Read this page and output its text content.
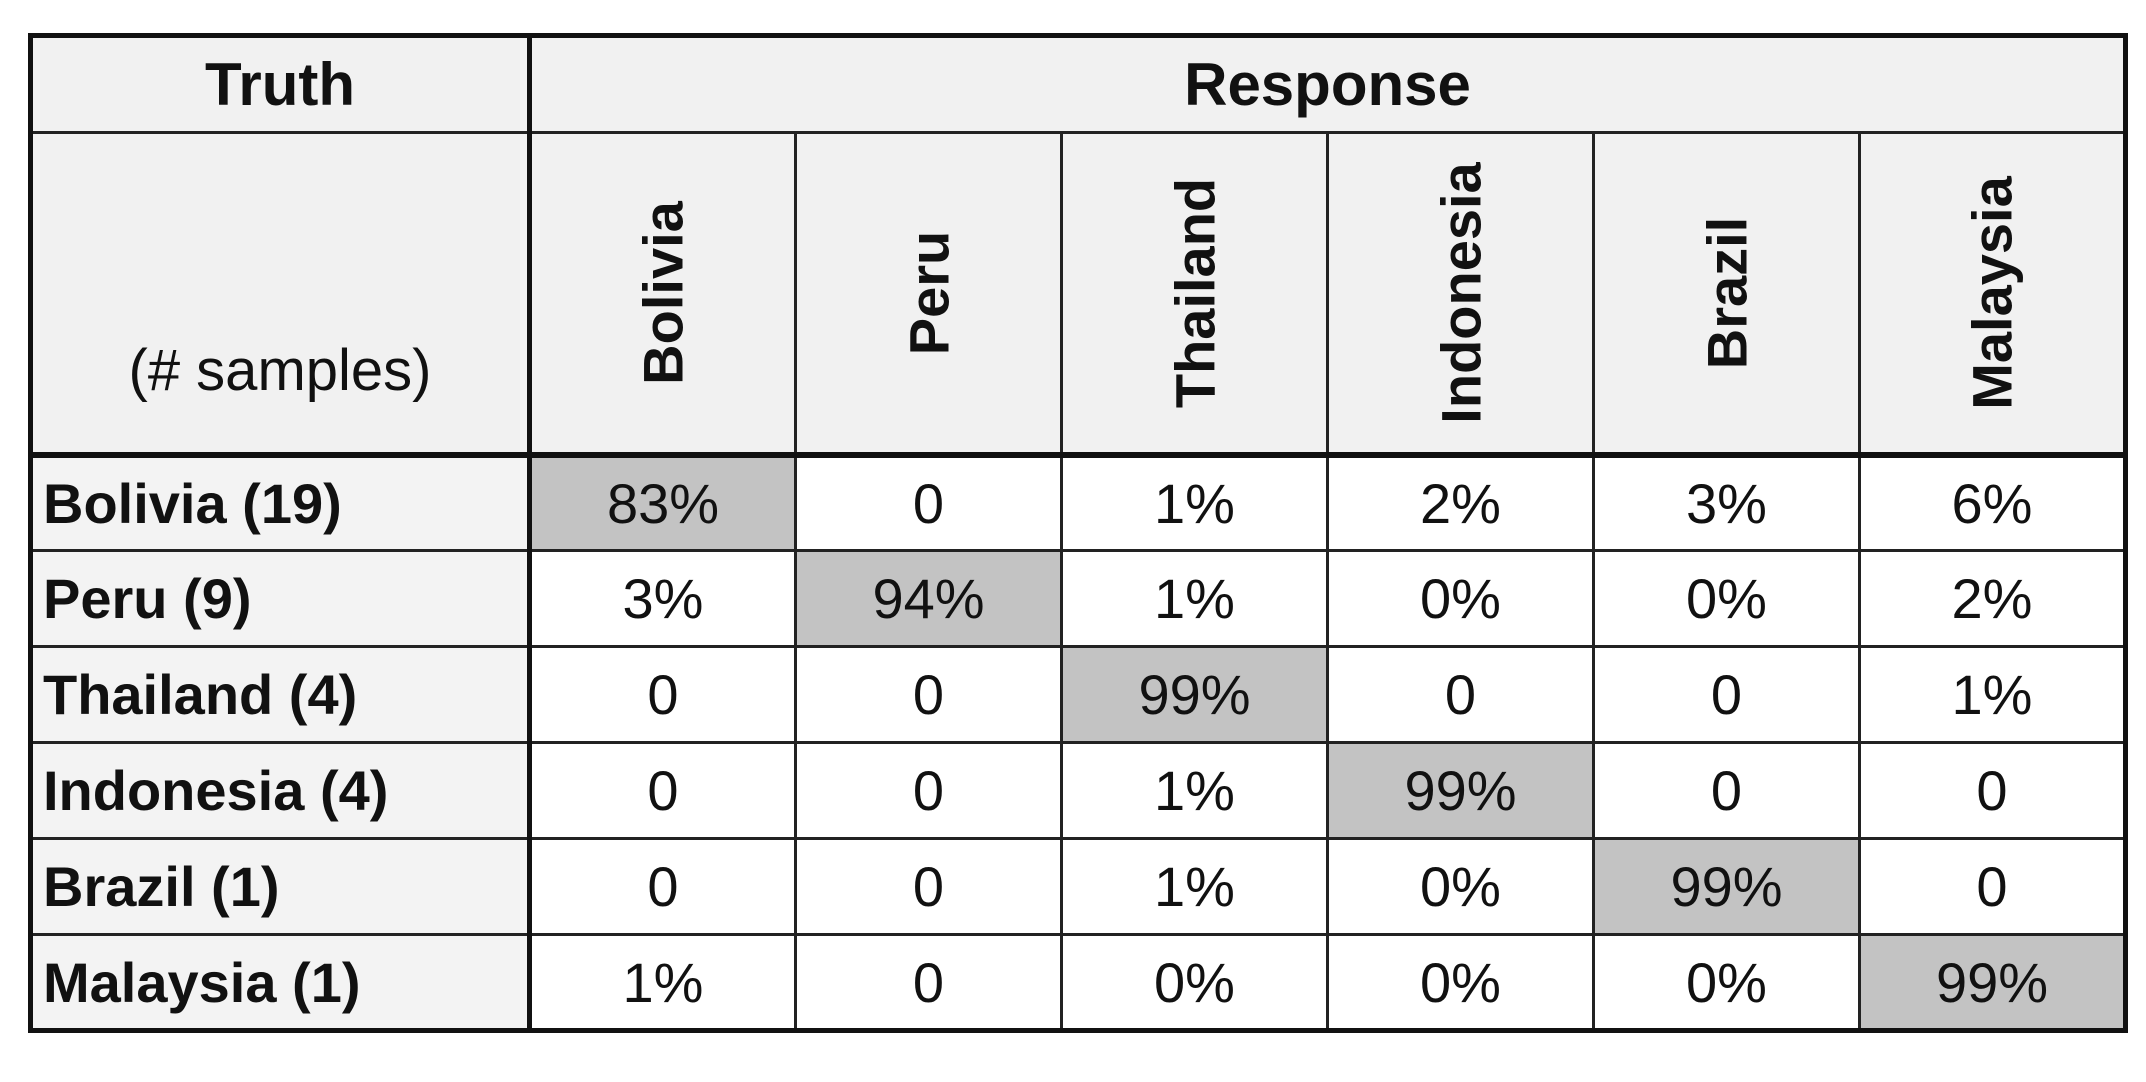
Truth	Response					
(# samples)	Bolivia	Peru	Thailand	Indonesia	Brazil	Malaysia

Bolivia (19)	83%	0	1%	2%	3%	6%
Peru (9)	3%	94%	1%	0%	0%	2%
Thailand (4)	0	0	99%	0	0	1%
Indonesia (4)	0	0	1%	99%	0	0
Brazil (1)	0	0	1%	0%	99%	0
Malaysia (1)	1%	0	0%	0%	0%	99%
